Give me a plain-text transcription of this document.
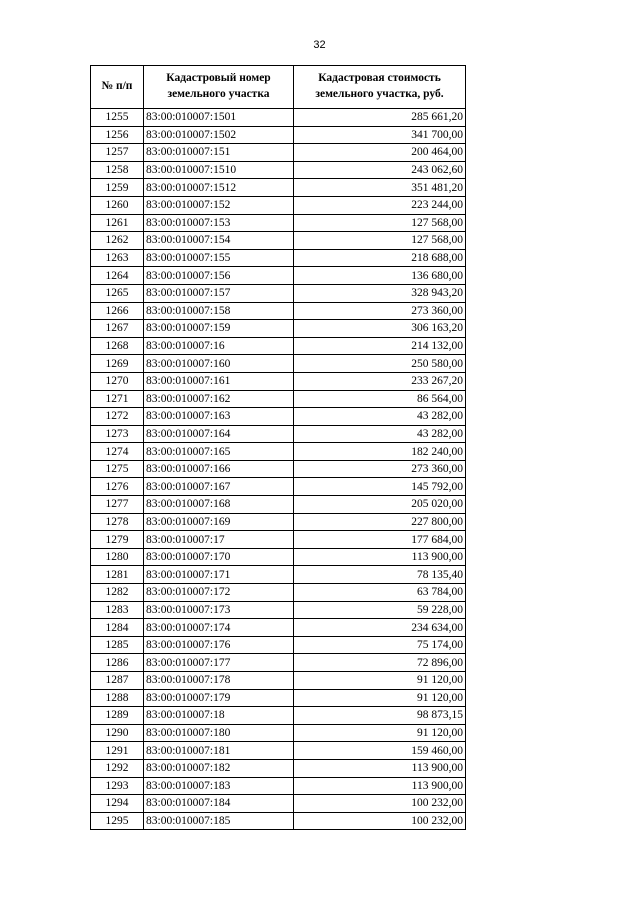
32
№ п/п	Кадастровый номер земельного участка	Кадастровая стоимость земельного участка, руб.
1255	83:00:010007:1501	285 661,20
1256	83:00:010007:1502	341 700,00
1257	83:00:010007:151	200 464,00
1258	83:00:010007:1510	243 062,60
1259	83:00:010007:1512	351 481,20
1260	83:00:010007:152	223 244,00
1261	83:00:010007:153	127 568,00
1262	83:00:010007:154	127 568,00
1263	83:00:010007:155	218 688,00
1264	83:00:010007:156	136 680,00
1265	83:00:010007:157	328 943,20
1266	83:00:010007:158	273 360,00
1267	83:00:010007:159	306 163,20
1268	83:00:010007:16	214 132,00
1269	83:00:010007:160	250 580,00
1270	83:00:010007:161	233 267,20
1271	83:00:010007:162	86 564,00
1272	83:00:010007:163	43 282,00
1273	83:00:010007:164	43 282,00
1274	83:00:010007:165	182 240,00
1275	83:00:010007:166	273 360,00
1276	83:00:010007:167	145 792,00
1277	83:00:010007:168	205 020,00
1278	83:00:010007:169	227 800,00
1279	83:00:010007:17	177 684,00
1280	83:00:010007:170	113 900,00
1281	83:00:010007:171	78 135,40
1282	83:00:010007:172	63 784,00
1283	83:00:010007:173	59 228,00
1284	83:00:010007:174	234 634,00
1285	83:00:010007:176	75 174,00
1286	83:00:010007:177	72 896,00
1287	83:00:010007:178	91 120,00
1288	83:00:010007:179	91 120,00
1289	83:00:010007:18	98 873,15
1290	83:00:010007:180	91 120,00
1291	83:00:010007:181	159 460,00
1292	83:00:010007:182	113 900,00
1293	83:00:010007:183	113 900,00
1294	83:00:010007:184	100 232,00
1295	83:00:010007:185	100 232,00
